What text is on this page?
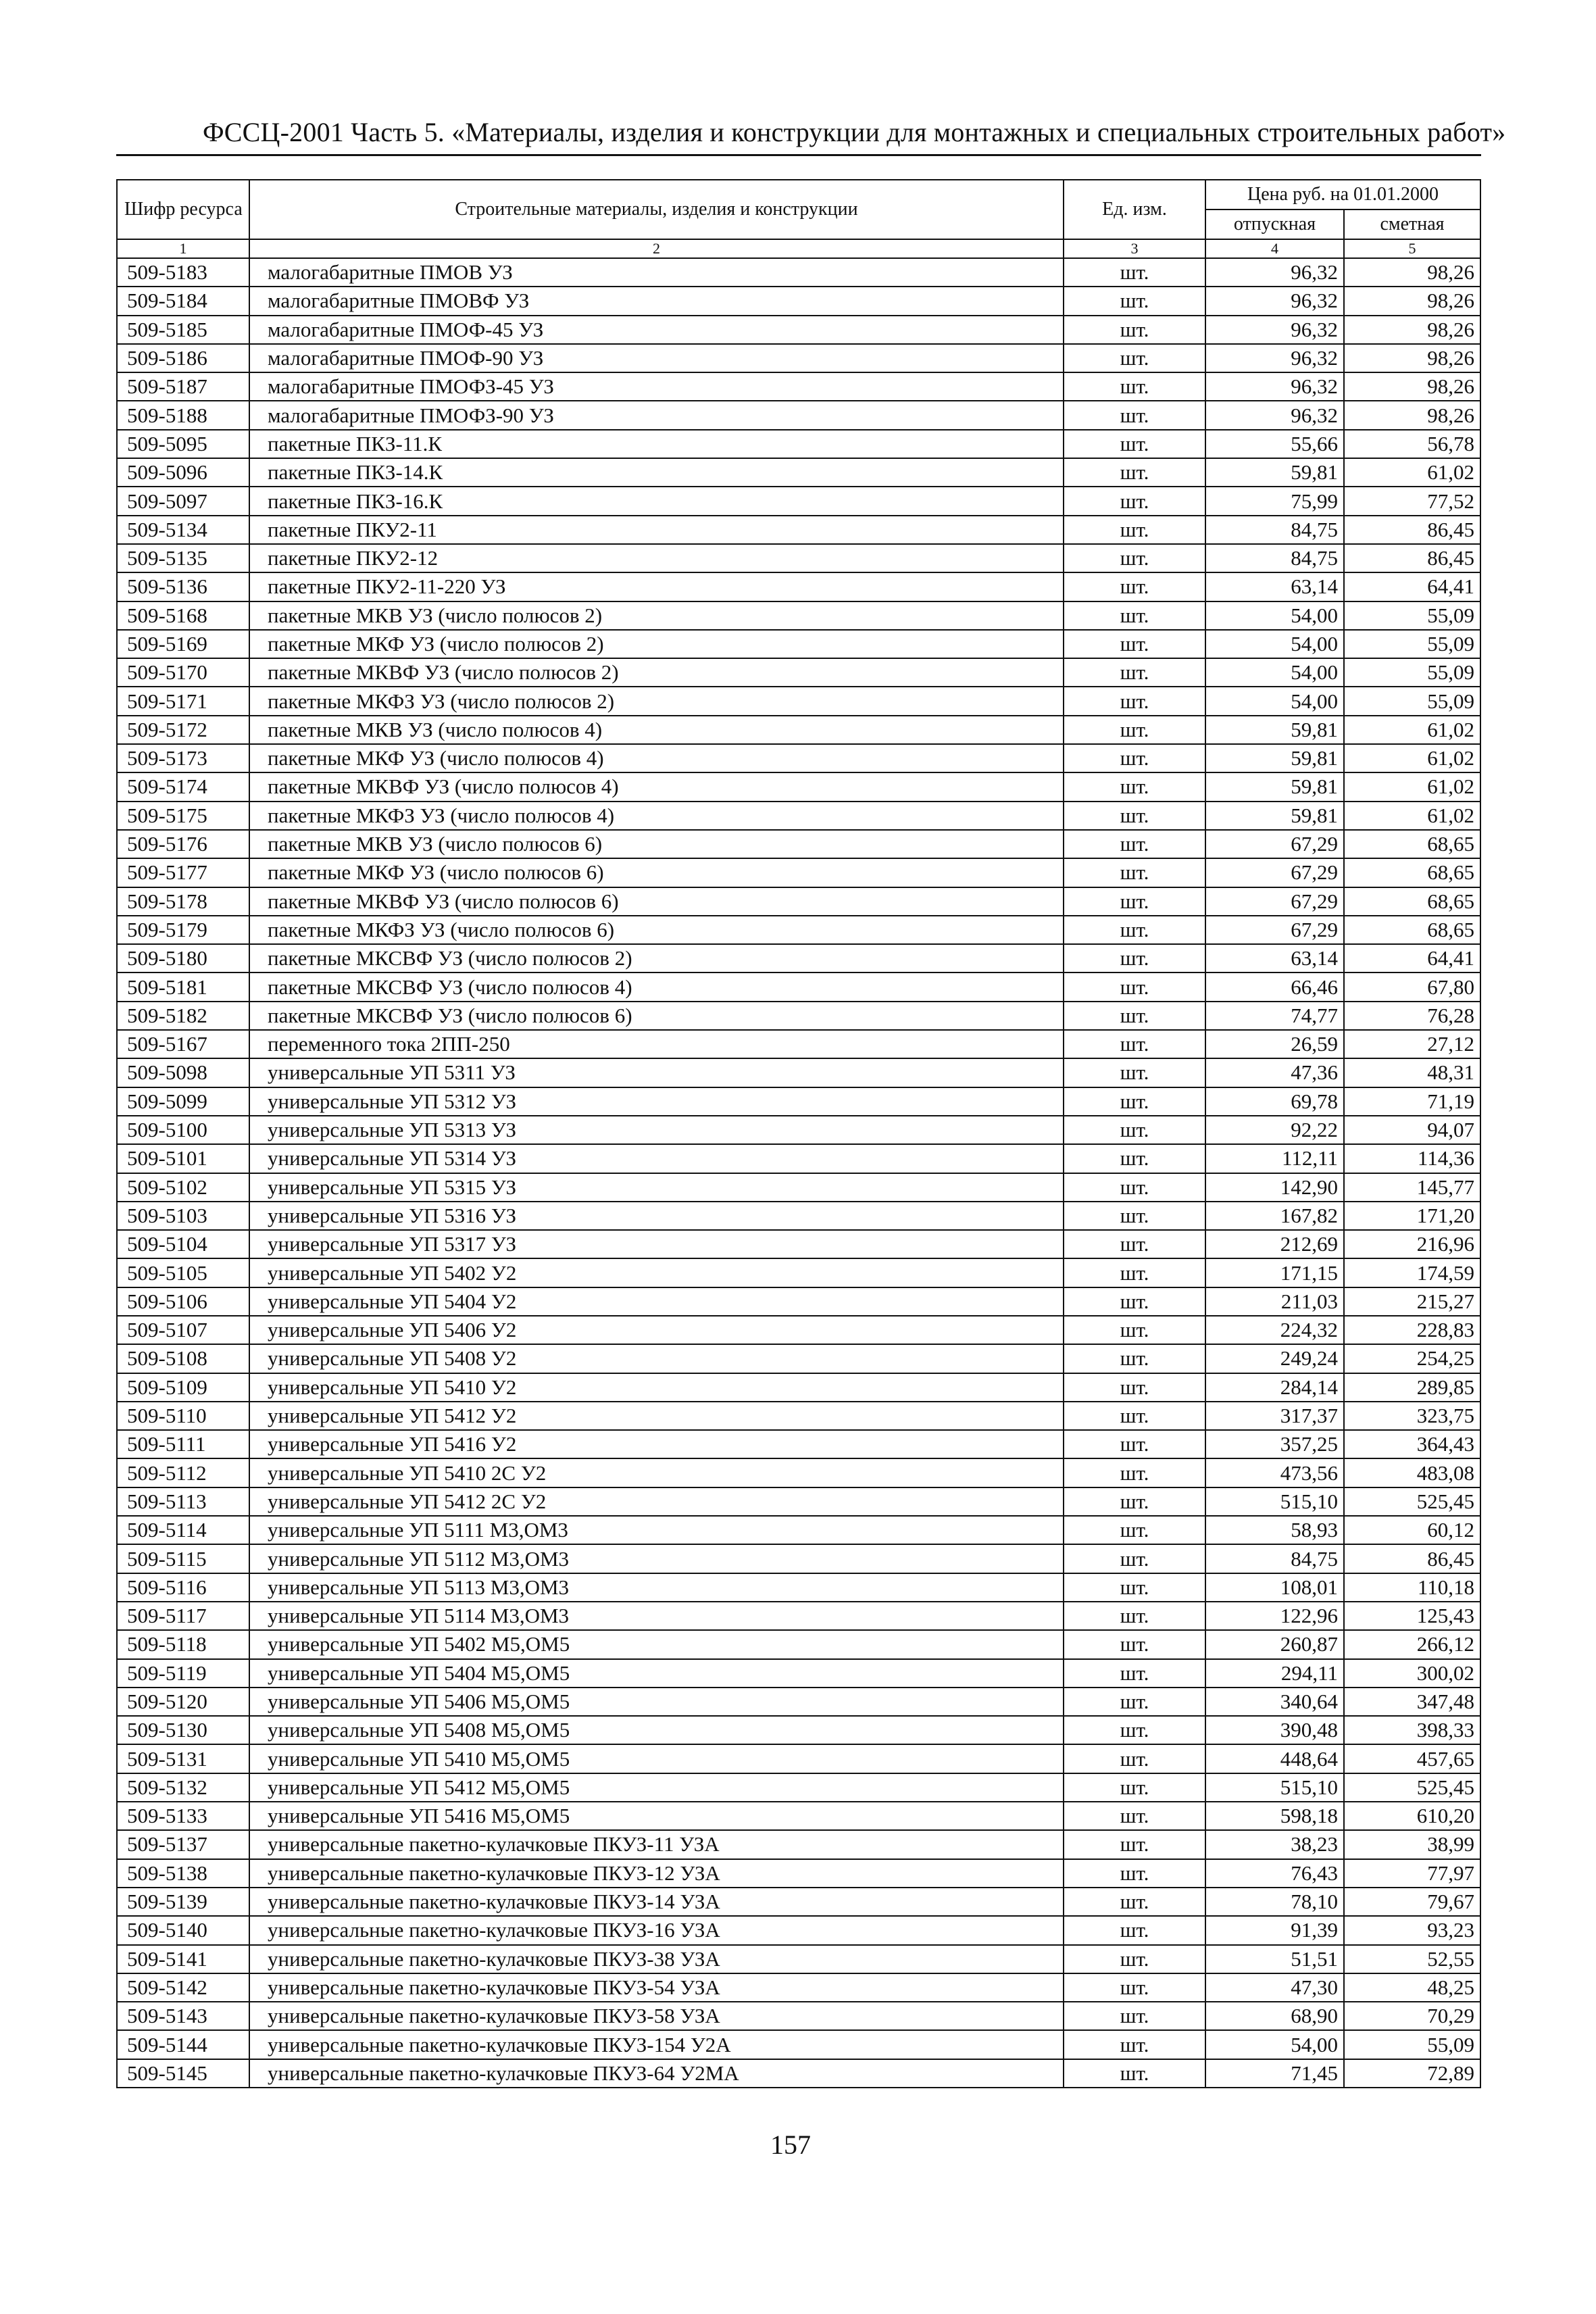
ФССЦ-2001 Часть 5. «Материалы, изделия и конструкции для монтажных и специальных строительных работ»
Шифр ресурса	Строительные материалы, изделия и конструкции	Ед. изм.	Цена руб. на 01.01.2000	
			отпускная	сметная
1	2	3	4	5
509-5183	малогабаритные ПМОВ УЗ	шт.	96,32	98,26
509-5184	малогабаритные ПМОВФ УЗ	шт.	96,32	98,26
509-5185	малогабаритные ПМОФ-45 УЗ	шт.	96,32	98,26
509-5186	малогабаритные ПМОФ-90 УЗ	шт.	96,32	98,26
509-5187	малогабаритные ПМОФЗ-45 УЗ	шт.	96,32	98,26
509-5188	малогабаритные ПМОФЗ-90 УЗ	шт.	96,32	98,26
509-5095	пакетные ПКЗ-11.К	шт.	55,66	56,78
509-5096	пакетные ПКЗ-14.К	шт.	59,81	61,02
509-5097	пакетные ПКЗ-16.К	шт.	75,99	77,52
509-5134	пакетные ПКУ2-11	шт.	84,75	86,45
509-5135	пакетные ПКУ2-12	шт.	84,75	86,45
509-5136	пакетные ПКУ2-11-220 УЗ	шт.	63,14	64,41
509-5168	пакетные МКВ УЗ (число полюсов 2)	шт.	54,00	55,09
509-5169	пакетные МКФ УЗ (число полюсов 2)	шт.	54,00	55,09
509-5170	пакетные МКВФ УЗ (число полюсов 2)	шт.	54,00	55,09
509-5171	пакетные МКФЗ УЗ (число полюсов 2)	шт.	54,00	55,09
509-5172	пакетные МКВ УЗ (число полюсов 4)	шт.	59,81	61,02
509-5173	пакетные МКФ УЗ (число полюсов 4)	шт.	59,81	61,02
509-5174	пакетные МКВФ УЗ (число полюсов 4)	шт.	59,81	61,02
509-5175	пакетные МКФЗ УЗ (число полюсов 4)	шт.	59,81	61,02
509-5176	пакетные МКВ УЗ (число полюсов 6)	шт.	67,29	68,65
509-5177	пакетные МКФ УЗ (число полюсов 6)	шт.	67,29	68,65
509-5178	пакетные МКВФ УЗ (число полюсов 6)	шт.	67,29	68,65
509-5179	пакетные МКФЗ УЗ (число полюсов 6)	шт.	67,29	68,65
509-5180	пакетные МКСВФ УЗ (число полюсов 2)	шт.	63,14	64,41
509-5181	пакетные МКСВФ УЗ (число полюсов 4)	шт.	66,46	67,80
509-5182	пакетные МКСВФ УЗ (число полюсов 6)	шт.	74,77	76,28
509-5167	переменного тока 2ПП-250	шт.	26,59	27,12
509-5098	универсальные УП 5311 УЗ	шт.	47,36	48,31
509-5099	универсальные УП 5312 УЗ	шт.	69,78	71,19
509-5100	универсальные УП 5313 УЗ	шт.	92,22	94,07
509-5101	универсальные УП 5314 УЗ	шт.	112,11	114,36
509-5102	универсальные УП 5315 УЗ	шт.	142,90	145,77
509-5103	универсальные УП 5316 УЗ	шт.	167,82	171,20
509-5104	универсальные УП 5317 УЗ	шт.	212,69	216,96
509-5105	универсальные УП 5402 У2	шт.	171,15	174,59
509-5106	универсальные УП 5404 У2	шт.	211,03	215,27
509-5107	универсальные УП 5406 У2	шт.	224,32	228,83
509-5108	универсальные УП 5408 У2	шт.	249,24	254,25
509-5109	универсальные УП 5410 У2	шт.	284,14	289,85
509-5110	универсальные УП 5412 У2	шт.	317,37	323,75
509-5111	универсальные УП 5416 У2	шт.	357,25	364,43
509-5112	универсальные УП 5410 2С У2	шт.	473,56	483,08
509-5113	универсальные УП 5412 2С У2	шт.	515,10	525,45
509-5114	универсальные УП 5111 М3,ОМ3	шт.	58,93	60,12
509-5115	универсальные УП 5112 М3,ОМ3	шт.	84,75	86,45
509-5116	универсальные УП 5113 М3,ОМ3	шт.	108,01	110,18
509-5117	универсальные УП 5114 М3,ОМ3	шт.	122,96	125,43
509-5118	универсальные УП 5402 М5,ОМ5	шт.	260,87	266,12
509-5119	универсальные УП 5404 М5,ОМ5	шт.	294,11	300,02
509-5120	универсальные УП 5406 М5,ОМ5	шт.	340,64	347,48
509-5130	универсальные УП 5408 М5,ОМ5	шт.	390,48	398,33
509-5131	универсальные УП 5410 М5,ОМ5	шт.	448,64	457,65
509-5132	универсальные УП 5412 М5,ОМ5	шт.	515,10	525,45
509-5133	универсальные УП 5416 М5,ОМ5	шт.	598,18	610,20
509-5137	универсальные пакетно-кулачковые ПКУЗ-11 УЗА	шт.	38,23	38,99
509-5138	универсальные пакетно-кулачковые ПКУЗ-12 УЗА	шт.	76,43	77,97
509-5139	универсальные пакетно-кулачковые ПКУЗ-14 УЗА	шт.	78,10	79,67
509-5140	универсальные пакетно-кулачковые ПКУЗ-16 УЗА	шт.	91,39	93,23
509-5141	универсальные пакетно-кулачковые ПКУЗ-38 УЗА	шт.	51,51	52,55
509-5142	универсальные пакетно-кулачковые ПКУЗ-54 УЗА	шт.	47,30	48,25
509-5143	универсальные пакетно-кулачковые ПКУЗ-58 УЗА	шт.	68,90	70,29
509-5144	универсальные пакетно-кулачковые ПКУЗ-154 У2А	шт.	54,00	55,09
509-5145	универсальные пакетно-кулачковые ПКУЗ-64 У2МА	шт.	71,45	72,89
157
